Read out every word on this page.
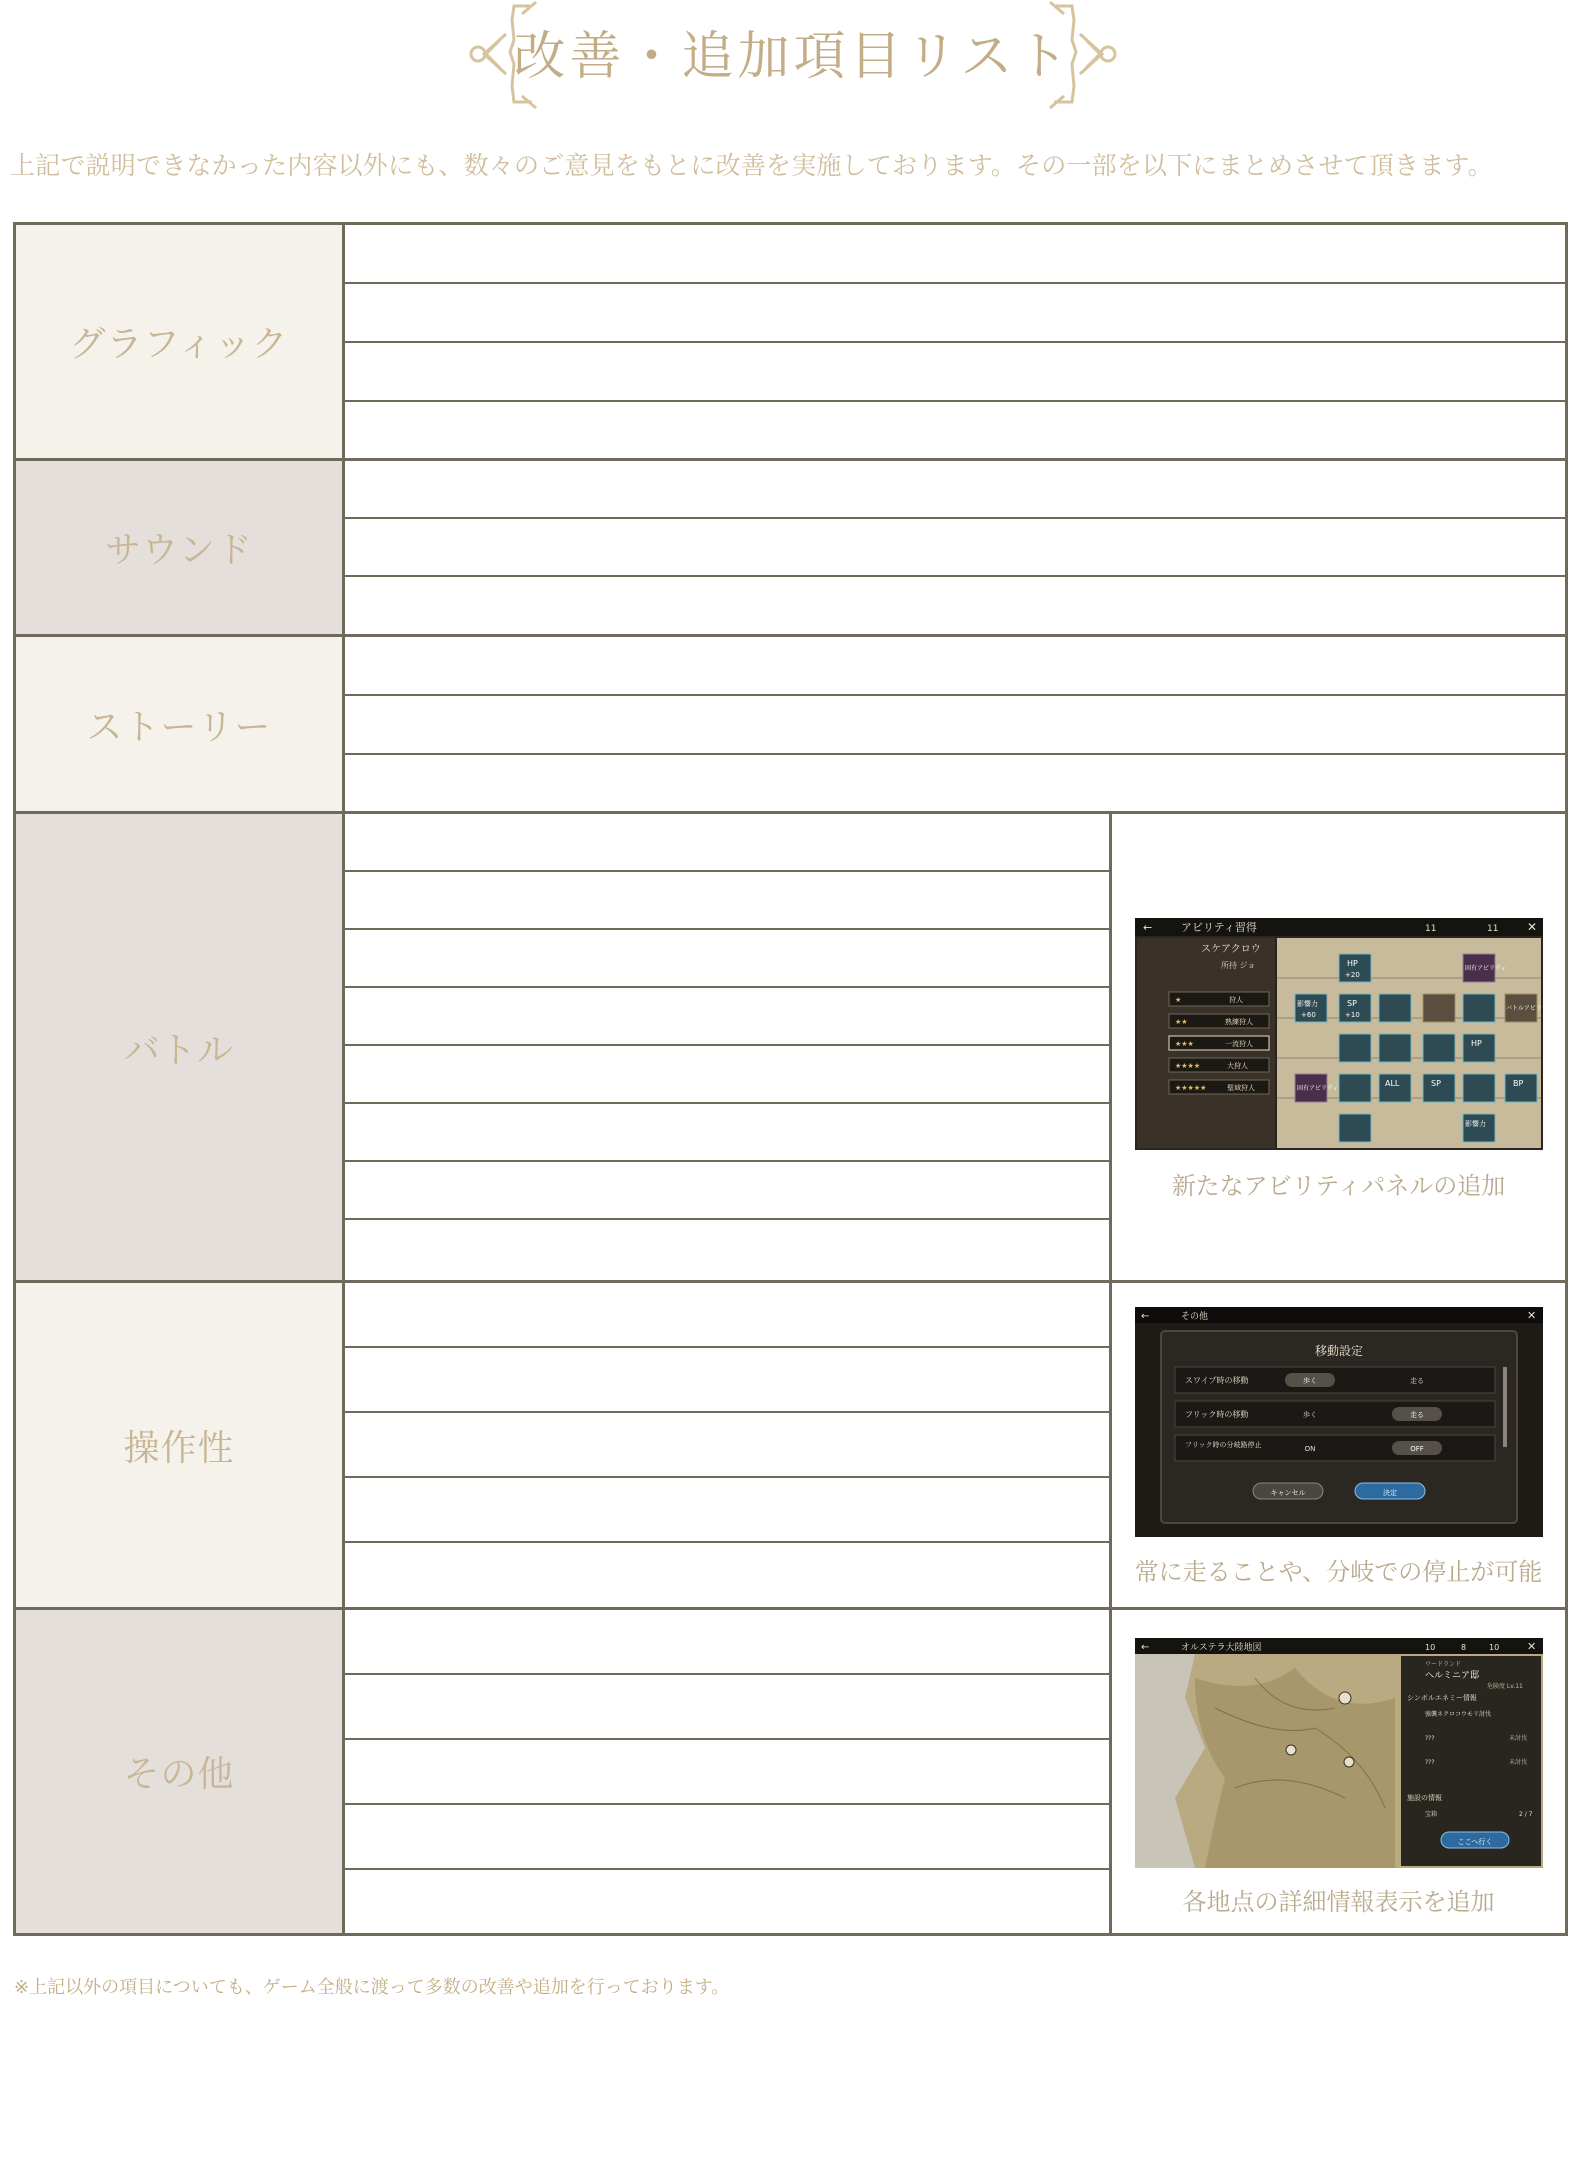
改善・追加項目リスト
上記で説明できなかった内容以外にも、数々のご意見をもとに改善を実施しております。その一部を以下にまとめさせて頂きます。
グラフィック
サウンド
ストーリー
バトル
←	アビリティ習得	11	11 ✕
スケアクロウ
所持 ジョ
★	狩人
★★	熟練狩人
★★★	一流狩人
★★★★	大狩人
★★★★★	聖域狩人
HP
+20
影響力
+60
SP
+10
固有アビリティ
バトルアビリティ
HP
固有アビリティ
ALL	SP	BP
影響力
新たなアビリティパネルの追加
操作性
←	その他	✕
移動設定
スワイプ時の移動	歩く	走る
フリック時の移動	歩く	走る
フリック時の分岐路停止	ON	OFF
キャンセル	決定
常に走ることや、分岐での停止が可能
その他
←	オルステラ大陸地図	10	8	10	✕
ワードランド
ヘルミニア邸
危険度 Lv.11
シンボルエネミー情報
強襲ネクロコウモリ討伐
???	未討伐
???	未討伐
施設の情報
宝箱	2 / 7
ここへ行く
各地点の詳細情報表示を追加
※上記以外の項目についても、ゲーム全般に渡って多数の改善や追加を行っております。
